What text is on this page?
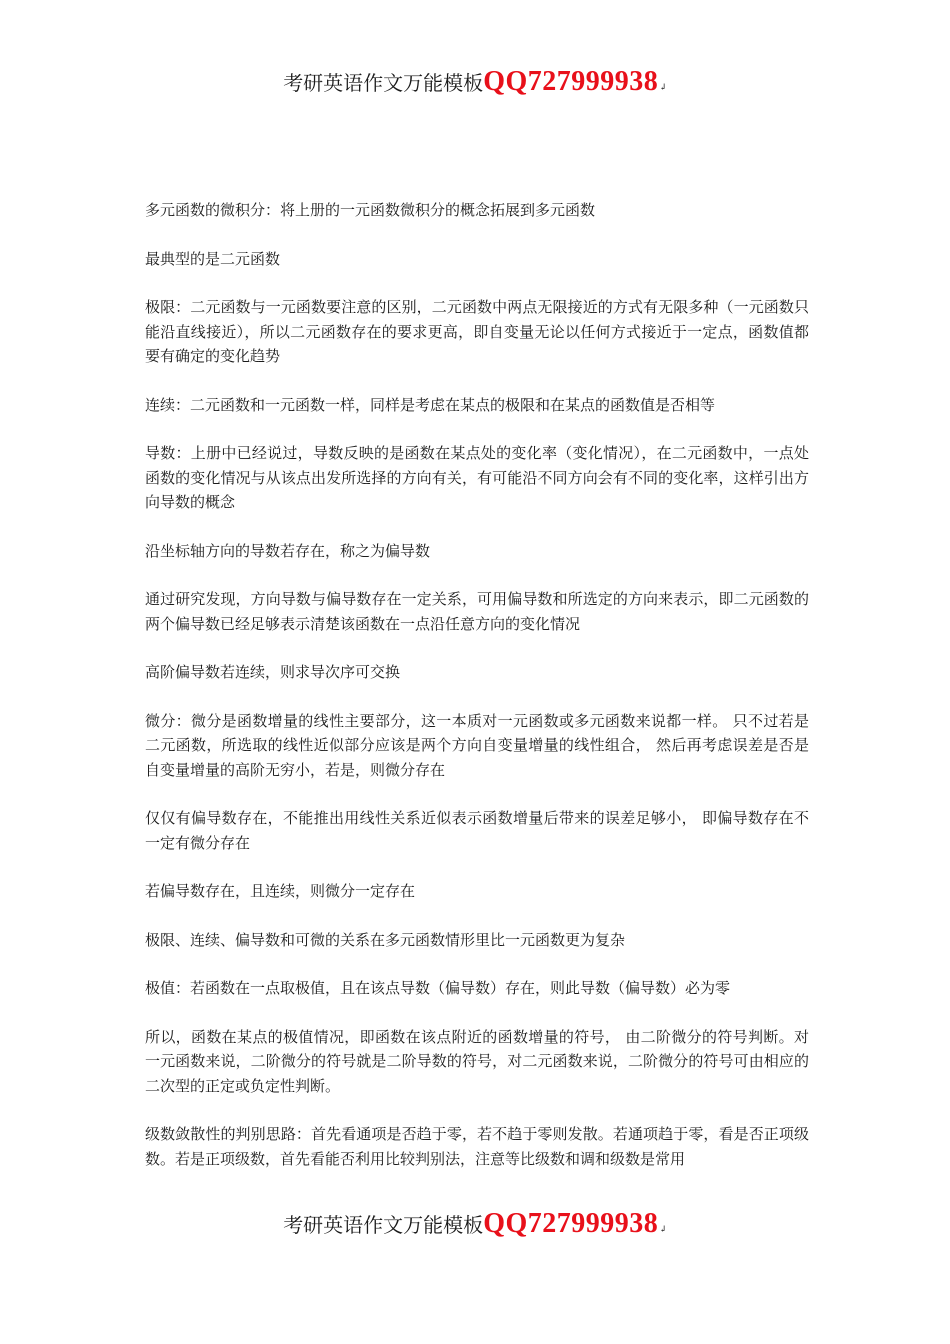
考研英语作文万能模板QQ727999938↲

多元函数的微积分：将上册的一元函数微积分的概念拓展到多元函数

最典型的是二元函数

极限：二元函数与一元函数要注意的区别，二元函数中两点无限接近的方式有无限多种（一元函数只能沿直线接近），所以二元函数存在的要求更高，即自变量无论以任何方式接近于一定点，函数值都要有确定的变化趋势

连续：二元函数和一元函数一样，同样是考虑在某点的极限和在某点的函数值是否相等

导数：上册中已经说过，导数反映的是函数在某点处的变化率（变化情况），在二元函数中，一点处函数的变化情况与从该点出发所选择的方向有关，有可能沿不同方向会有不同的变化率，这样引出方向导数的概念

沿坐标轴方向的导数若存在，称之为偏导数

通过研究发现，方向导数与偏导数存在一定关系，可用偏导数和所选定的方向来表示，即二元函数的两个偏导数已经足够表示清楚该函数在一点沿任意方向的变化情况

高阶偏导数若连续，则求导次序可交换

微分：微分是函数增量的线性主要部分，这一本质对一元函数或多元函数来说都一样。 只不过若是二元函数，所选取的线性近似部分应该是两个方向自变量增量的线性组合， 然后再考虑误差是否是自变量增量的高阶无穷小，若是，则微分存在

仅仅有偏导数存在，不能推出用线性关系近似表示函数增量后带来的误差足够小， 即偏导数存在不一定有微分存在

若偏导数存在，且连续，则微分一定存在

极限、连续、偏导数和可微的关系在多元函数情形里比一元函数更为复杂

极值：若函数在一点取极值，且在该点导数（偏导数）存在，则此导数（偏导数）必为零

所以，函数在某点的极值情况，即函数在该点附近的函数增量的符号， 由二阶微分的符号判断。对一元函数来说，二阶微分的符号就是二阶导数的符号，对二元函数来说，二阶微分的符号可由相应的二次型的正定或负定性判断。

级数敛散性的判别思路：首先看通项是否趋于零，若不趋于零则发散。若通项趋于零，看是否正项级数。若是正项级数，首先看能否利用比较判别法，注意等比级数和调和级数是常用

考研英语作文万能模板QQ727999938↲
